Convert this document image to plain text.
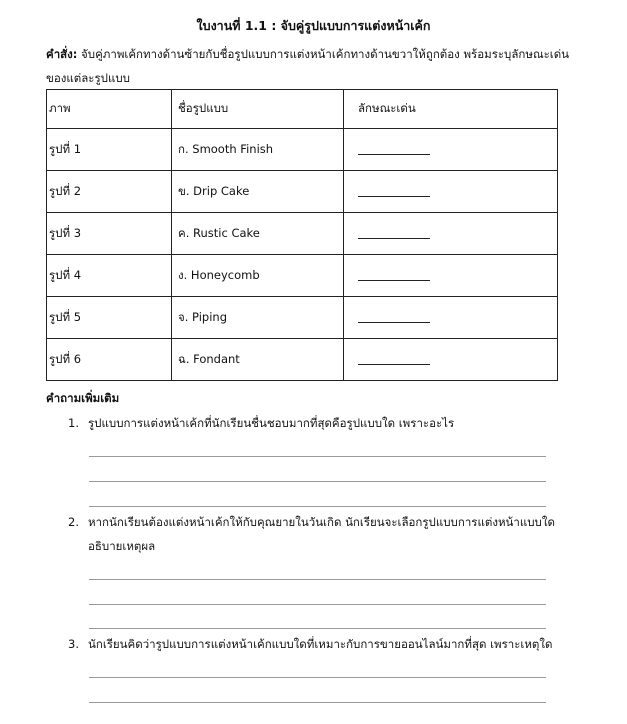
ใบงานที่ 1.1 : จับคู่รูปแบบการแต่งหน้าเค้ก
คำสั่ง: จับคู่ภาพเค้กทางด้านซ้ายกับชื่อรูปแบบการแต่งหน้าเค้กทางด้านขวาให้ถูกต้อง พร้อมระบุลักษณะเด่นของแต่ละรูปแบบ
ภาพ	ชื่อรูปแบบ	ลักษณะเด่น
รูปที่ 1	ก. Smooth Finish	
รูปที่ 2	ข. Drip Cake	
รูปที่ 3	ค. Rustic Cake	
รูปที่ 4	ง. Honeycomb	
รูปที่ 5	จ. Piping	
รูปที่ 6	ฉ. Fondant	
คำถามเพิ่มเติม
1. รูปแบบการแต่งหน้าเค้กที่นักเรียนชื่นชอบมากที่สุดคือรูปแบบใด เพราะอะไร
2. หากนักเรียนต้องแต่งหน้าเค้กให้กับคุณยายในวันเกิด นักเรียนจะเลือกรูปแบบการแต่งหน้าแบบใด อธิบายเหตุผล
3. นักเรียนคิดว่ารูปแบบการแต่งหน้าเค้กแบบใดที่เหมาะกับการขายออนไลน์มากที่สุด เพราะเหตุใด
